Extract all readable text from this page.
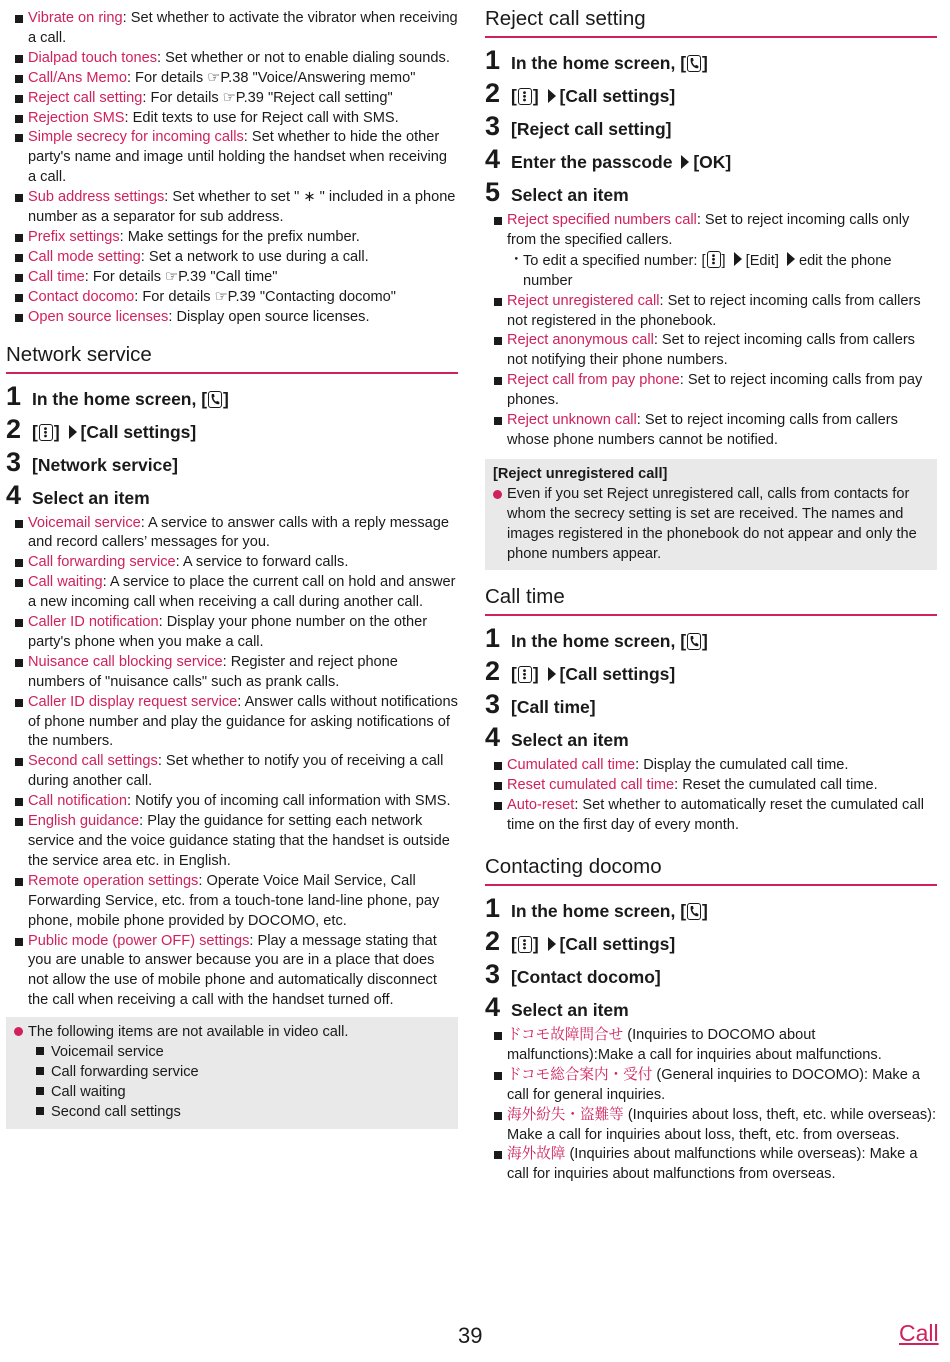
Vibrate on ring: Set whether to activate the vibrator when receiving a call.
Dialpad touch tones: Set whether or not to enable dialing sounds.
Call/Ans Memo: For details ☞P.38 "Voice/Answering memo"
Reject call setting: For details ☞P.39 "Reject call setting"
Rejection SMS: Edit texts to use for Reject call with SMS.
Simple secrecy for incoming calls: Set whether to hide the other party's name and image until holding the handset when receiving a call.
Sub address settings: Set whether to set " ∗ " included in a phone number as a separator for sub address.
Prefix settings: Make settings for the prefix number.
Call mode setting: Set a network to use during a call.
Call time: For details ☞P.39 "Call time"
Contact docomo: For details ☞P.39 "Contacting docomo"
Open source licenses: Display open source licenses.
Network service
1 In the home screen, [ ]
2 [ ] [Call settings]
3 [Network service]
4 Select an item
Voicemail service: A service to answer calls with a reply message and record callers’ messages for you.
Call forwarding service: A service to forward calls.
Call waiting: A service to place the current call on hold and answer a new incoming call when receiving a call during another call.
Caller ID notification: Display your phone number on the other party's phone when you make a call.
Nuisance call blocking service: Register and reject phone numbers of "nuisance calls" such as prank calls.
Caller ID display request service: Answer calls without notifications of phone number and play the guidance for asking notifications of the numbers.
Second call settings: Set whether to notify you of receiving a call during another call.
Call notification: Notify you of incoming call information with SMS.
English guidance: Play the guidance for setting each network service and the voice guidance stating that the handset is outside the service area etc. in English.
Remote operation settings: Operate Voice Mail Service, Call Forwarding Service, etc. from a touch-tone land-line phone, pay phone, mobile phone provided by DOCOMO, etc.
Public mode (power OFF) settings: Play a message stating that you are unable to answer because you are in a place that does not allow the use of mobile phone and automatically disconnect the call when receiving a call with the handset turned off.
The following items are not available in video call.
Voicemail service
Call forwarding service
Call waiting
Second call settings
Reject call setting
1 In the home screen, [ ]
2 [ ] [Call settings]
3 [Reject call setting]
4 Enter the passcode [OK]
5 Select an item
Reject specified numbers call: Set to reject incoming calls only from the specified callers.
・ To edit a specified number: [ ] [Edit] edit the phone number
Reject unregistered call: Set to reject incoming calls from callers not registered in the phonebook.
Reject anonymous call: Set to reject incoming calls from callers not notifying their phone numbers.
Reject call from pay phone: Set to reject incoming calls from pay phones.
Reject unknown call: Set to reject incoming calls from callers whose phone numbers cannot be notified.
[Reject unregistered call]
Even if you set Reject unregistered call, calls from contacts for whom the secrecy setting is set are received. The names and images registered in the phonebook do not appear and only the phone numbers appear.
Call time
1 In the home screen, [ ]
2 [ ] [Call settings]
3 [Call time]
4 Select an item
Cumulated call time: Display the cumulated call time.
Reset cumulated call time: Reset the cumulated call time.
Auto-reset: Set whether to automatically reset the cumulated call time on the first day of every month.
Contacting docomo
1 In the home screen, [ ]
2 [ ] [Call settings]
3 [Contact docomo]
4 Select an item
ドコモ故障問合せ (Inquiries to DOCOMO about malfunctions):Make a call for inquiries about malfunctions.
ドコモ総合案内・受付 (General inquiries to DOCOMO): Make a call for general inquiries.
海外紛失・盗難等 (Inquiries about loss, theft, etc. while overseas): Make a call for inquiries about loss, theft, etc. from overseas.
海外故障 (Inquiries about malfunctions while overseas): Make a call for inquiries about malfunctions from overseas.
39	Call
